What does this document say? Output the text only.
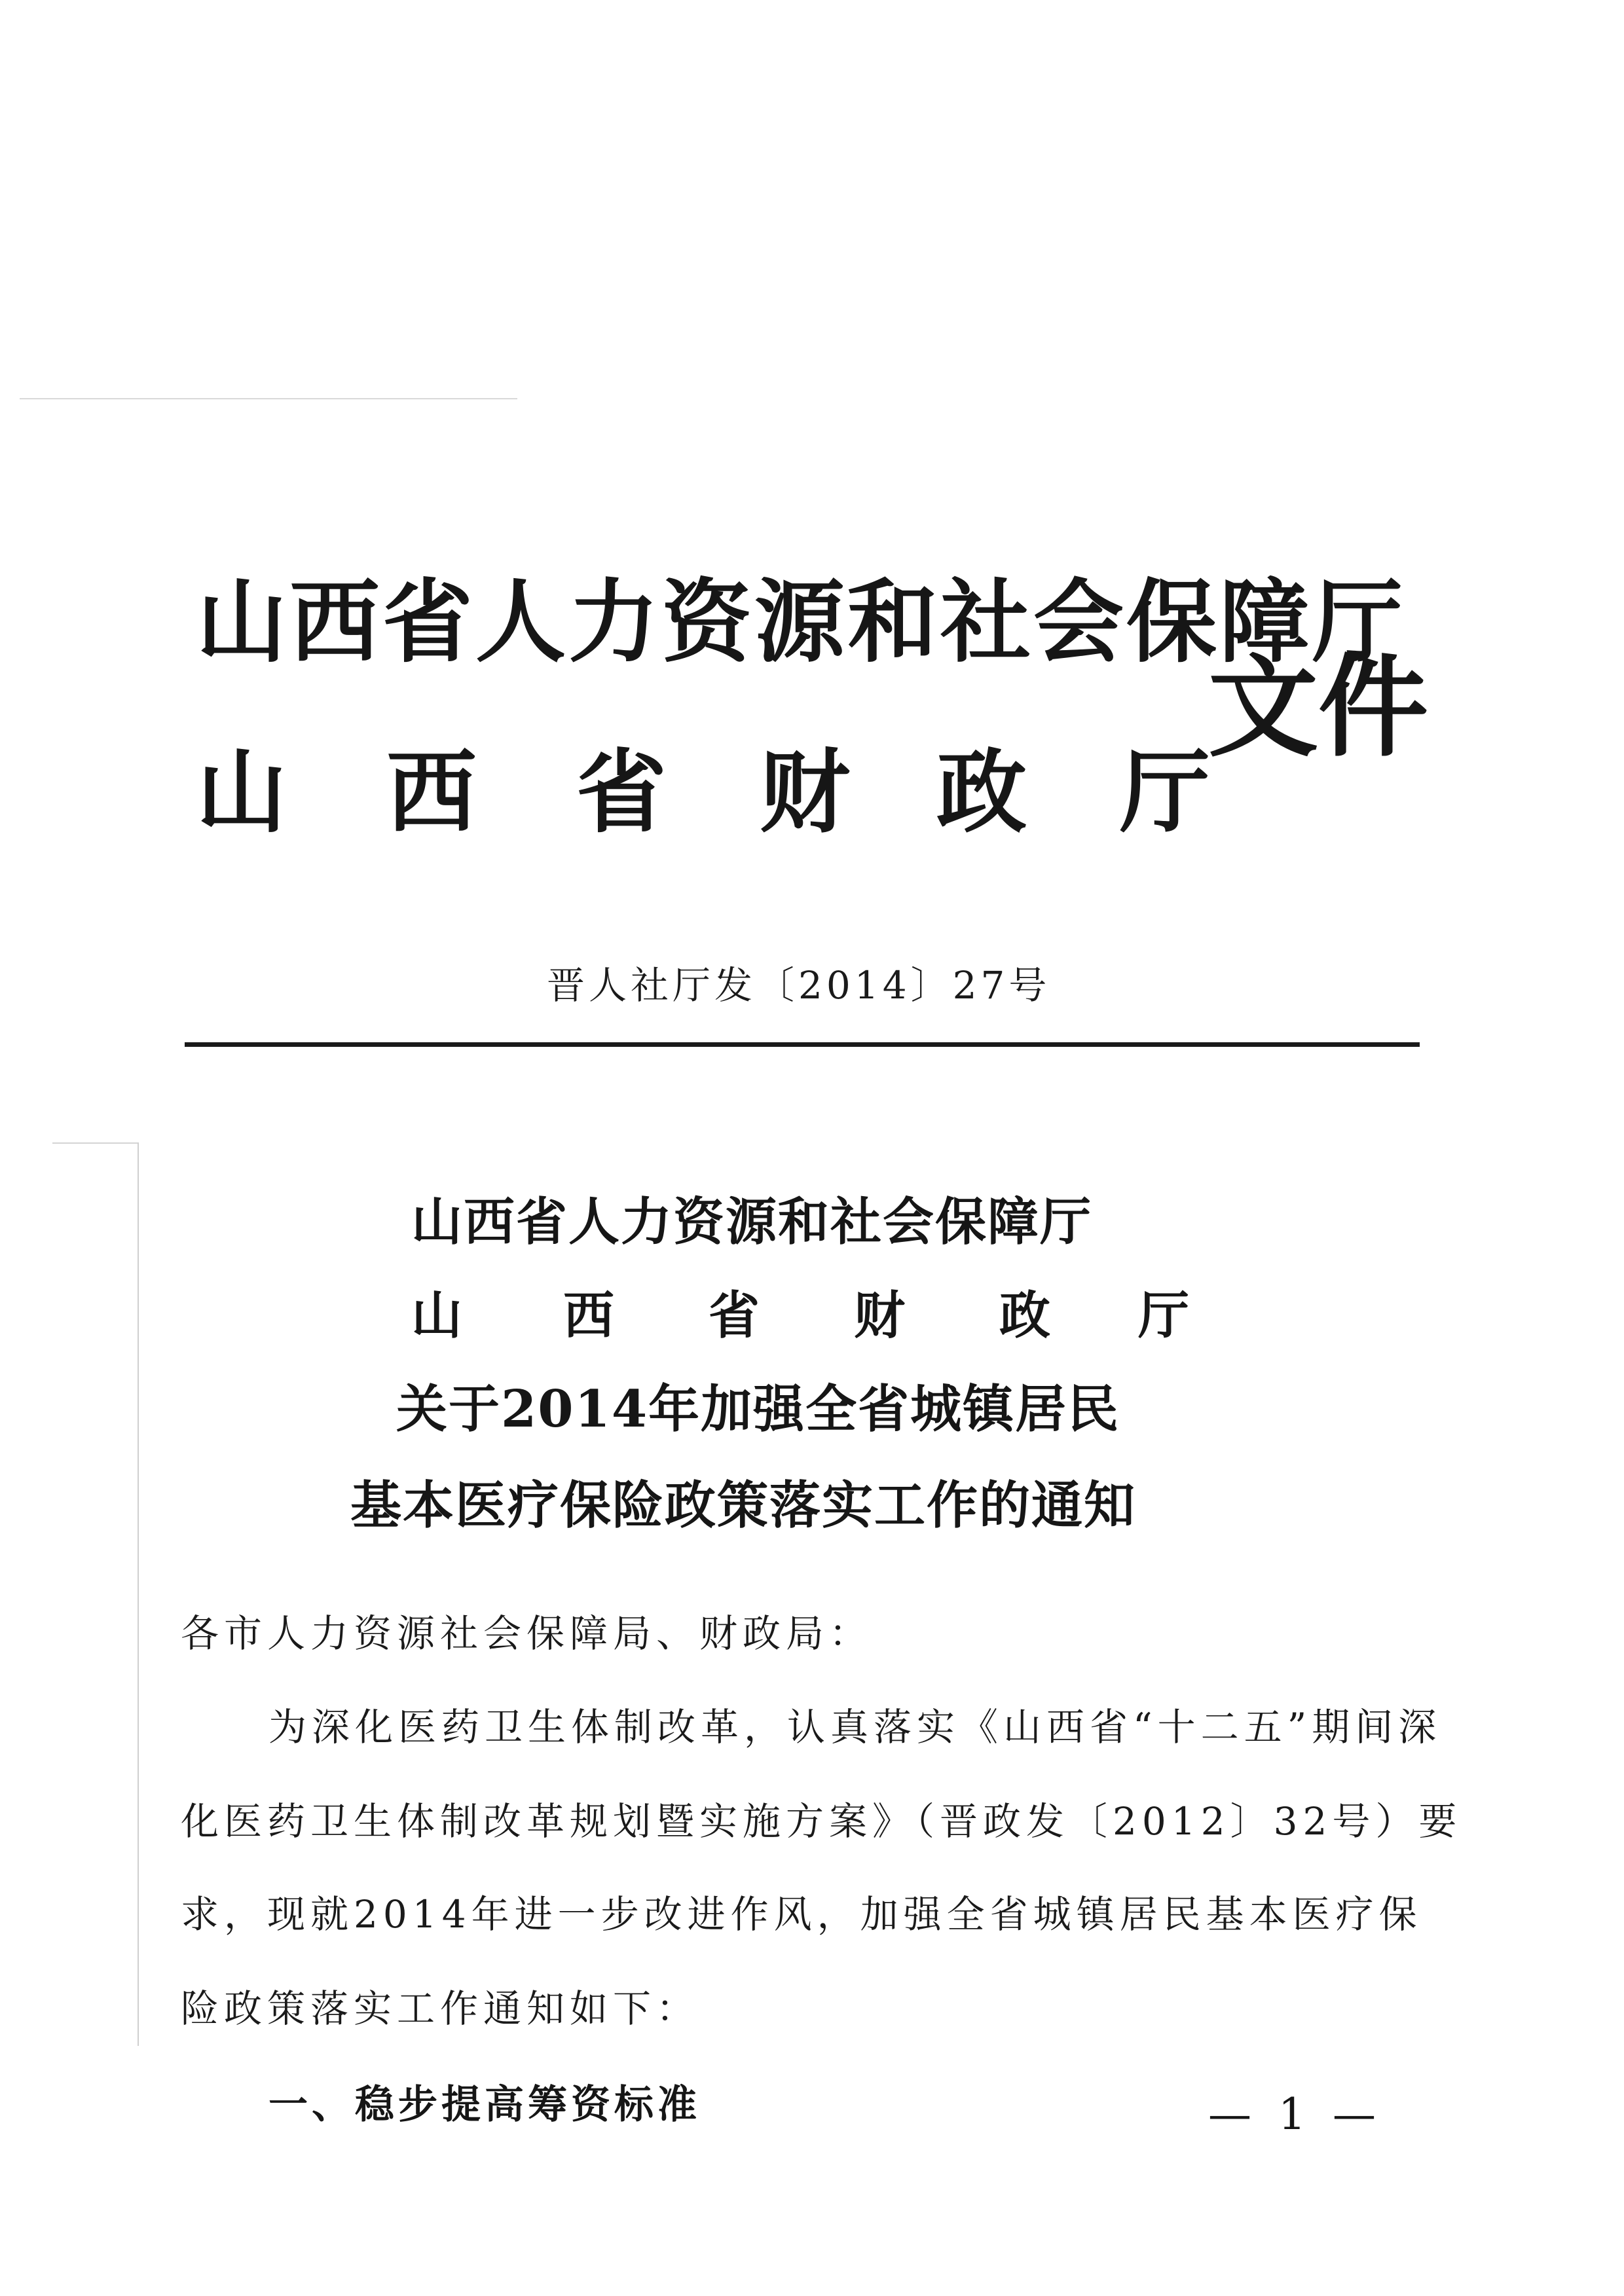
山西省人力资源和社会保障厅
山 西 省 财 政 厅
文件
晋人社厅发〔2014〕27号
山西省人力资源和社会保障厅
山 西 省 财 政 厅
关于2014年加强全省城镇居民
基本医疗保险政策落实工作的通知
各市人力资源社会保障局、财政局：
为深化医药卫生体制改革，认真落实《山西省“十二五”期间深
化医药卫生体制改革规划暨实施方案》（晋政发〔2012〕32号）要
求，现就2014年进一步改进作风，加强全省城镇居民基本医疗保
险政策落实工作通知如下：
一、稳步提高筹资标准	— 1 —
